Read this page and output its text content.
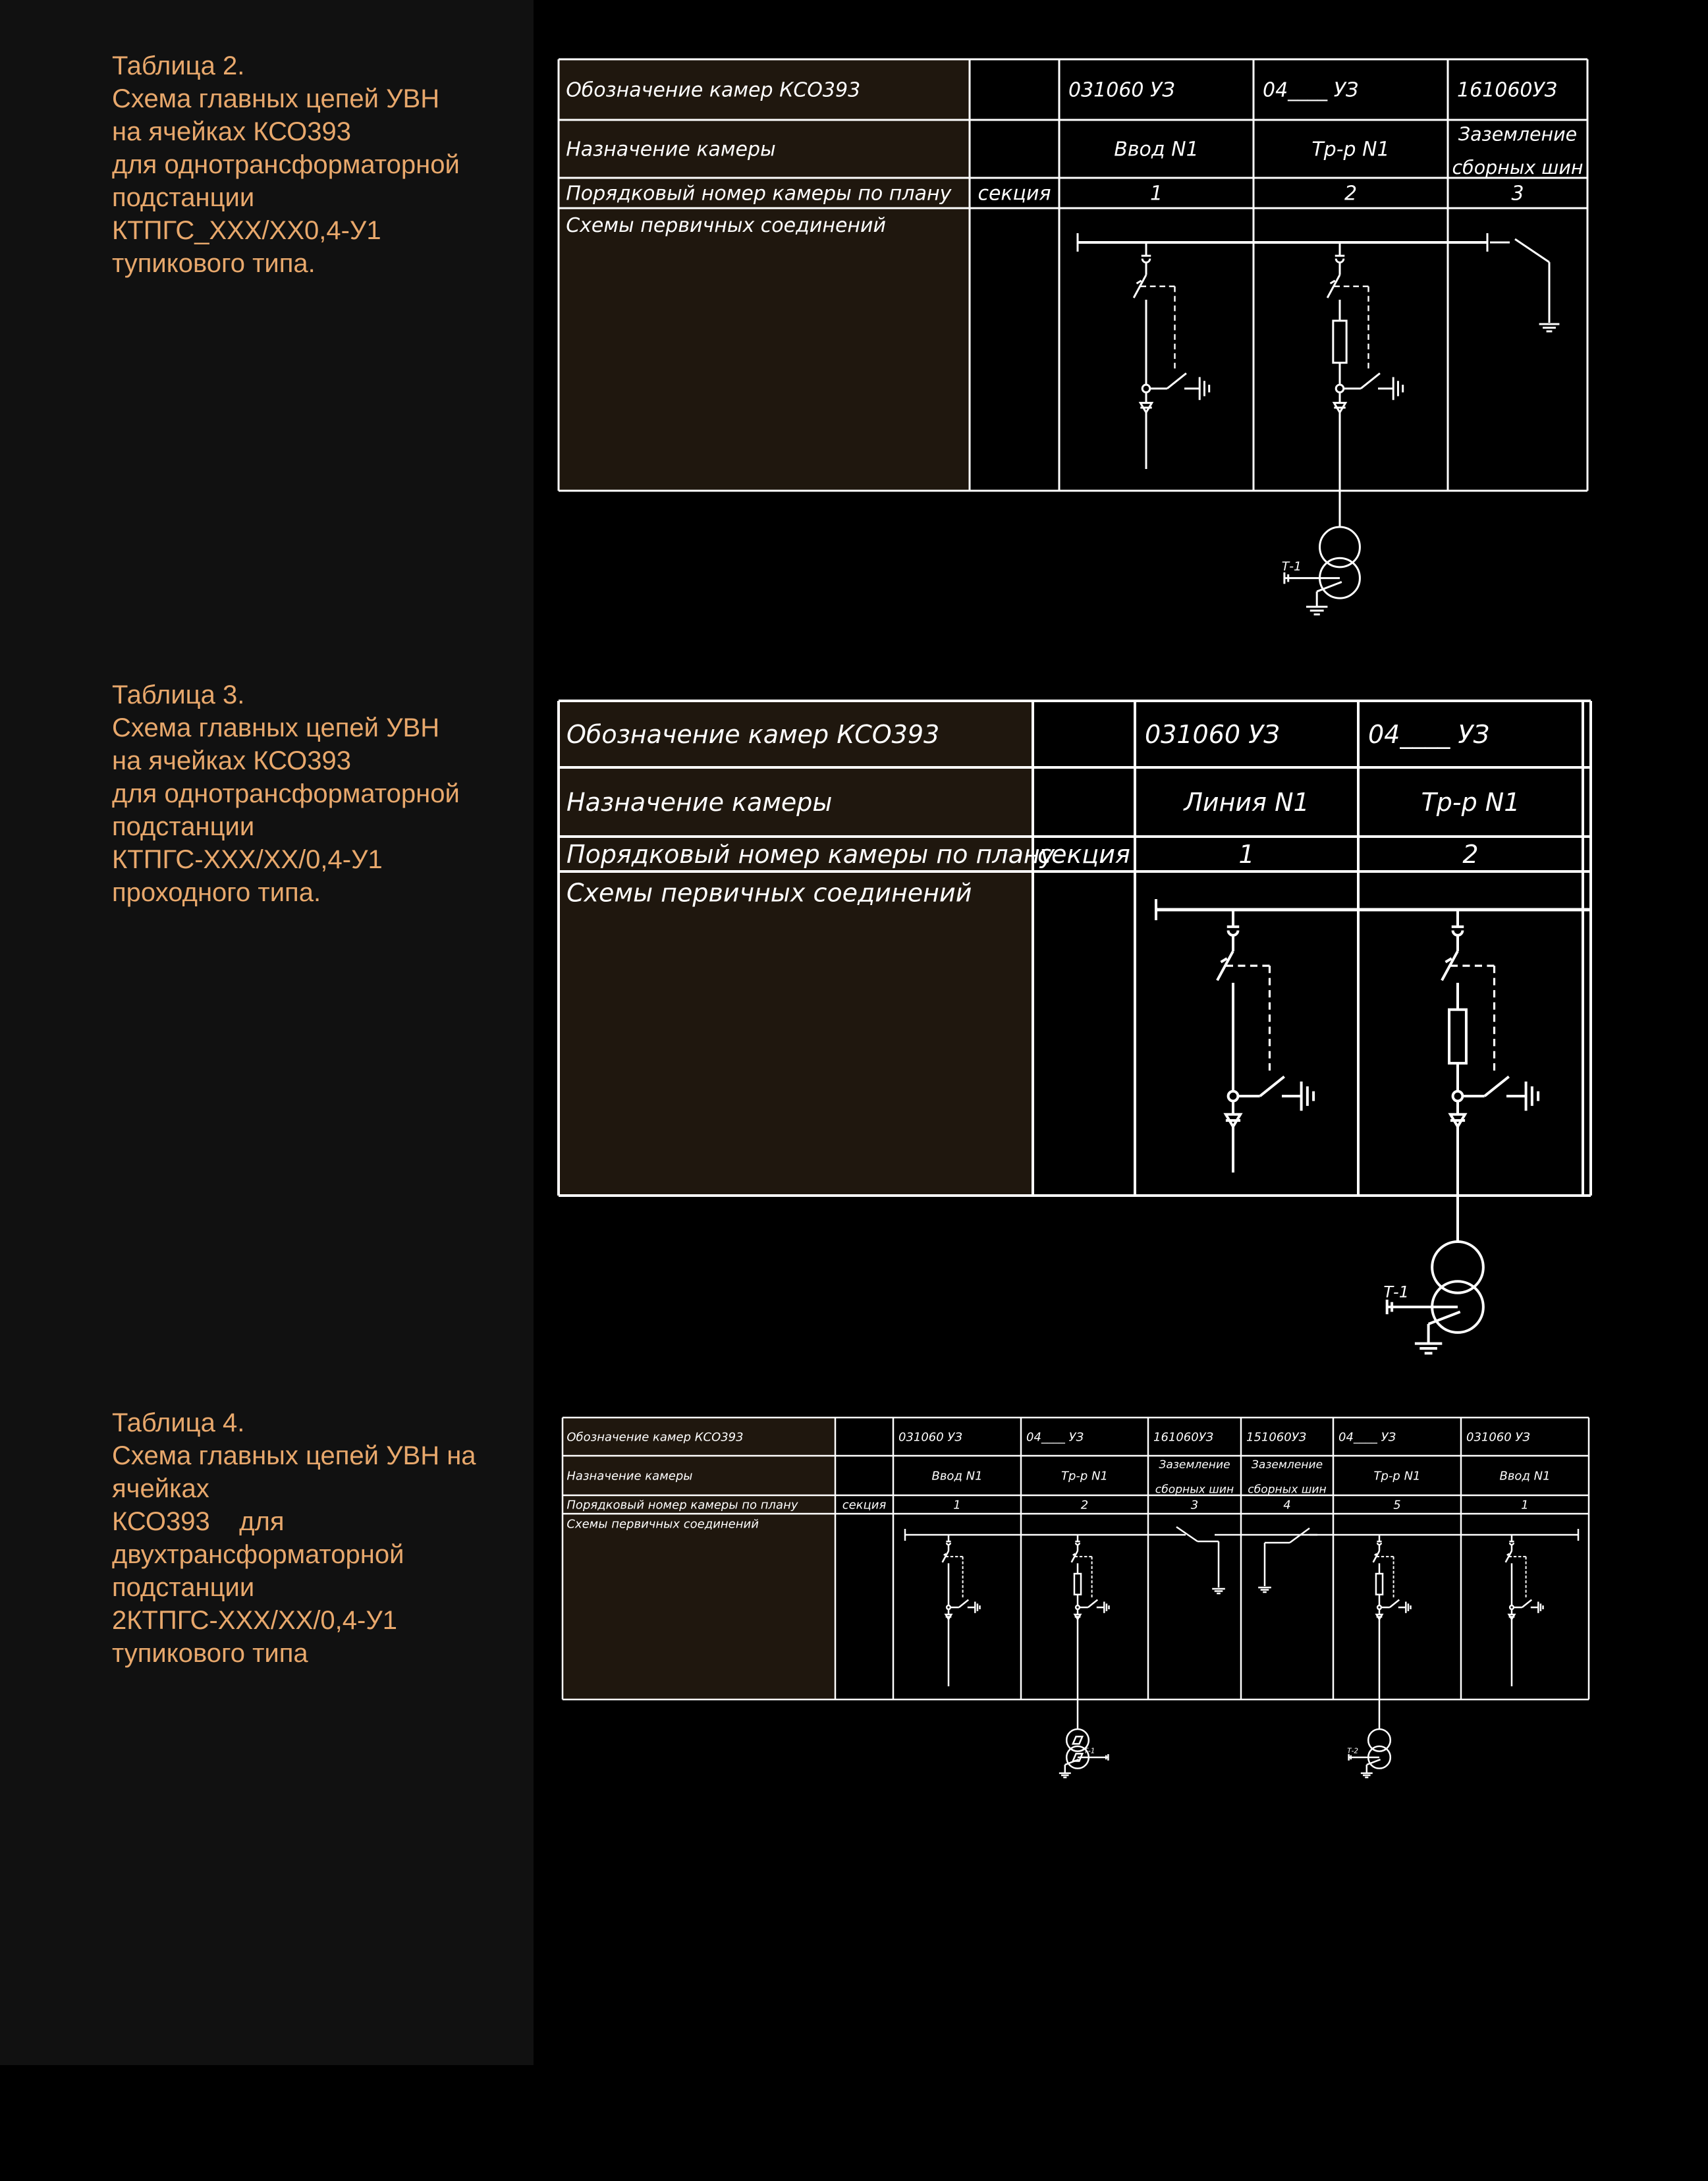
Таблица 2.
Схема главных цепей УВН
на ячейках КСО393
для однотрансформаторной
подстанции
КТПГС_XXX/XX0,4-У1
тупикового типа.
Таблица 3.
Схема главных цепей УВН
на ячейках КСО393
для однотрансформаторной
подстанции
КТПГС-XXX/XX/0,4-У1
проходного типа.
Таблица 4.
Схема главных цепей УВН на
ячейках
КСО393    для
двухтрансформаторной
подстанции
2КТПГС-XXX/XX/0,4-У1
тупикового типа
Обозначение камер КСО393
Назначение камеры
Порядковый номер камеры по плану
Схемы первичных соединений
секция
031060 УЗ
Ввод N1
1
04____ УЗ
Тр-р N1
2
161060УЗ
Заземление
сборных шин
3
Т-1
Обозначение камер КСО393
Назначение камеры
Порядковый номер камеры по плану
Схемы первичных соединений
секция
031060 УЗ
Линия N1
1
04____ УЗ
Тр-р N1
2
Т-1
Обозначение камер КСО393
Назначение камеры
Порядковый номер камеры по плану
Схемы первичных соединений
секция
031060 УЗ
Ввод N1
1
04____ УЗ
Тр-р N1
2
161060УЗ
Заземление
сборных шин
3
151060УЗ
Заземление
сборных шин
4
04____ УЗ
Тр-р N1
5
031060 УЗ
Ввод N1
1
Т-1	Т-2
